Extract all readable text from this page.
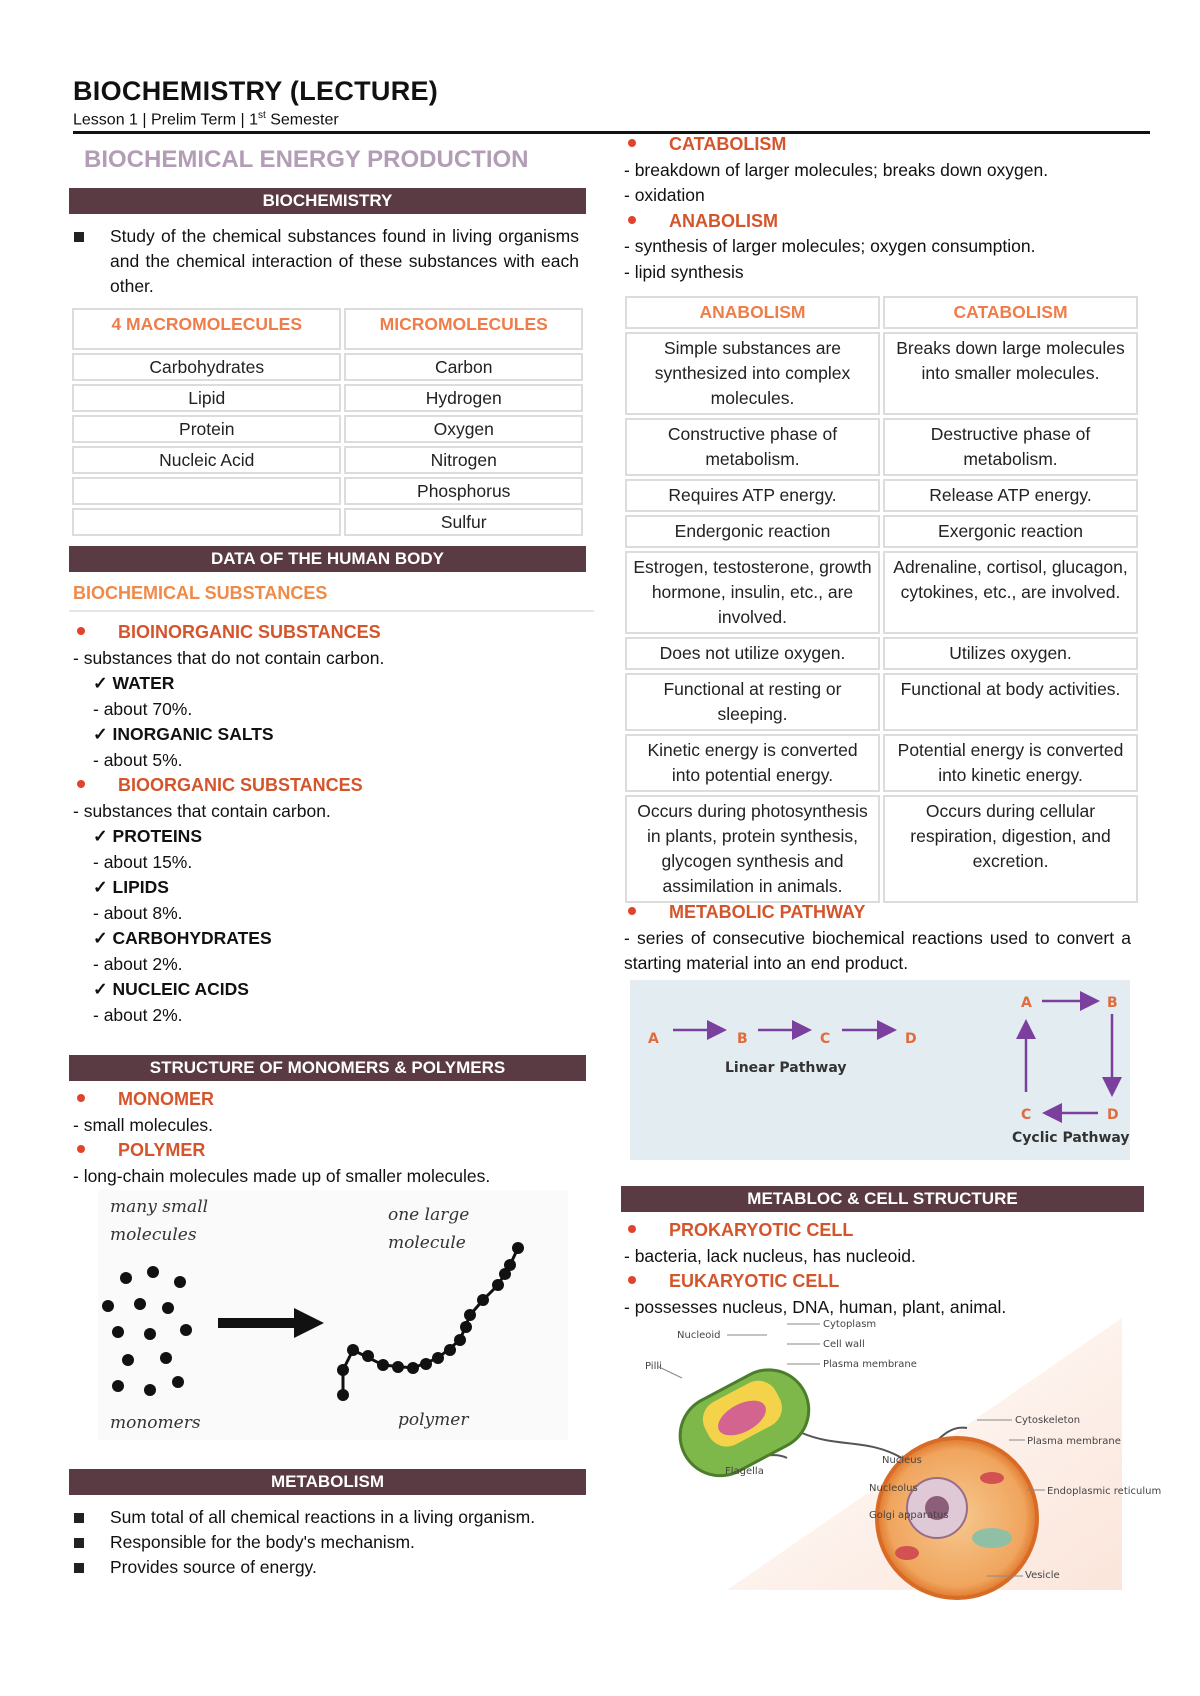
BIOCHEMISTRY (LECTURE)
Lesson 1 | Prelim Term | 1st Semester
BIOCHEMICAL ENERGY PRODUCTION
BIOCHEMISTRY
Study of the chemical substances found in living organisms and the chemical interaction of these substances with each other.
4 MACROMOLECULES	MICROMOLECULES
Carbohydrates	Carbon
Lipid	Hydrogen
Protein	Oxygen
Nucleic Acid	Nitrogen
	Phosphorus
	Sulfur
DATA OF THE HUMAN BODY
BIOCHEMICAL SUBSTANCES
BIOINORGANIC SUBSTANCES
- substances that do not contain carbon.
✓ WATER
- about 70%.
✓ INORGANIC SALTS
- about 5%.
BIOORGANIC SUBSTANCES
- substances that contain carbon.
✓ PROTEINS
- about 15%.
✓ LIPIDS
- about 8%.
✓ CARBOHYDRATES
- about 2%.
✓ NUCLEIC ACIDS
- about 2%.
STRUCTURE OF MONOMERS & POLYMERS
MONOMER
- small molecules.
POLYMER
- long-chain molecules made up of smaller molecules.
many small
molecules
one large
molecule
monomers	polymer
METABOLISM
Sum total of all chemical reactions in a living organism.
Responsible for the body's mechanism.
Provides source of energy.
CATABOLISM
- breakdown of larger molecules; breaks down oxygen.
- oxidation
ANABOLISM
- synthesis of larger molecules; oxygen consumption.
- lipid synthesis
ANABOLISM	CATABOLISM
Simple substances are synthesized into complex molecules.	Breaks down large molecules into smaller molecules.
Constructive phase of metabolism.	Destructive phase of metabolism.
Requires ATP energy.	Release ATP energy.
Endergonic reaction	Exergonic reaction
Estrogen, testosterone, growth hormone, insulin, etc., are involved.	Adrenaline, cortisol, glucagon, cytokines, etc., are involved.
Does not utilize oxygen.	Utilizes oxygen.
Functional at resting or sleeping.	Functional at body activities.
Kinetic energy is converted into potential energy.	Potential energy is converted into kinetic energy.
Occurs during photosynthesis in plants, protein synthesis, glycogen synthesis and assimilation in animals.	Occurs during cellular respiration, digestion, and excretion.
METABOLIC PATHWAY
- series of consecutive biochemical reactions used to convert a starting material into an end product.
A	B	C	D
A	B
C	D
Linear Pathway
Cyclic Pathway
METABLOC & CELL STRUCTURE
PROKARYOTIC CELL
- bacteria, lack nucleus, has nucleoid.
EUKARYOTIC CELL
- possesses nucleus, DNA, human, plant, animal.
Nucleoid
Cytoplasm
Cell wall
Pilli	Plasma membrane
Flagella
Cytoskeleton
Plasma membrane
Nucleus
Nucleolus	Endoplasmic reticulum
Golgi apparatus
Vesicle
